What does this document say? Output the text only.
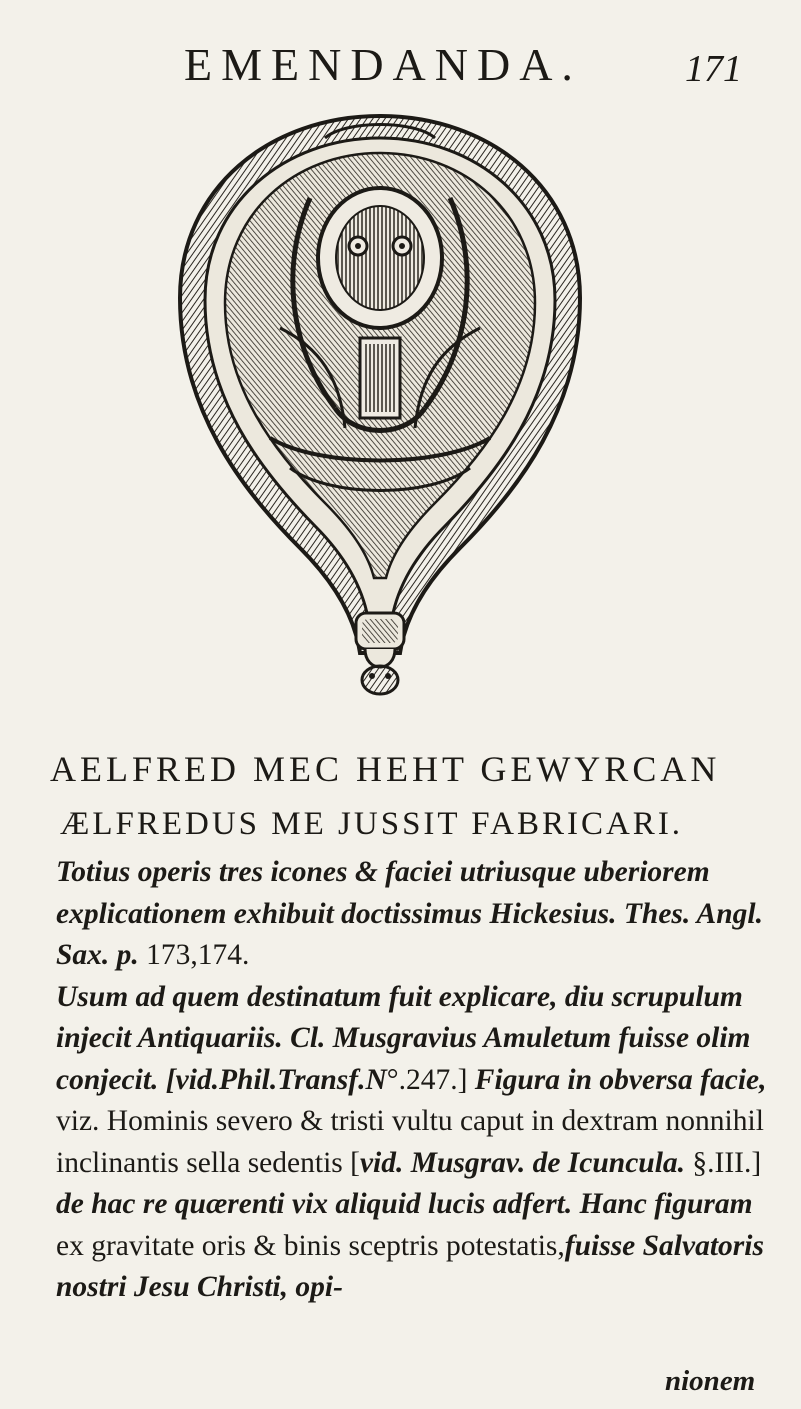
EMENDANDA.	171
AELFRED MEC HEHT GEWYRCAN
ÆLFREDUS ME JUSSIT FABRICARI.

Totius operis tres icones & faciei utriusque uberiorem explicationem exhibuit doctissimus Hickesius. Thes. Angl. Sax. p. 173,174.

Usum ad quem destinatum fuit explicare, diu scrupulum injecit Antiquariis. Cl. Musgravius Amuletum fuisse olim conjecit. [vid.Phil.Transf.N°.247.] Figura in obversa facie, viz. Hominis severo & tristi vultu caput in dextram nonnihil inclinantis sella sedentis [vid. Musgrav. de Icuncula. §.III.] de hac re quærenti vix aliquid lucis adfert. Hanc figuram ex gravitate oris & binis sceptris potestatis,fuisse Salvatoris nostri Jesu Christi, opi-

nionem
